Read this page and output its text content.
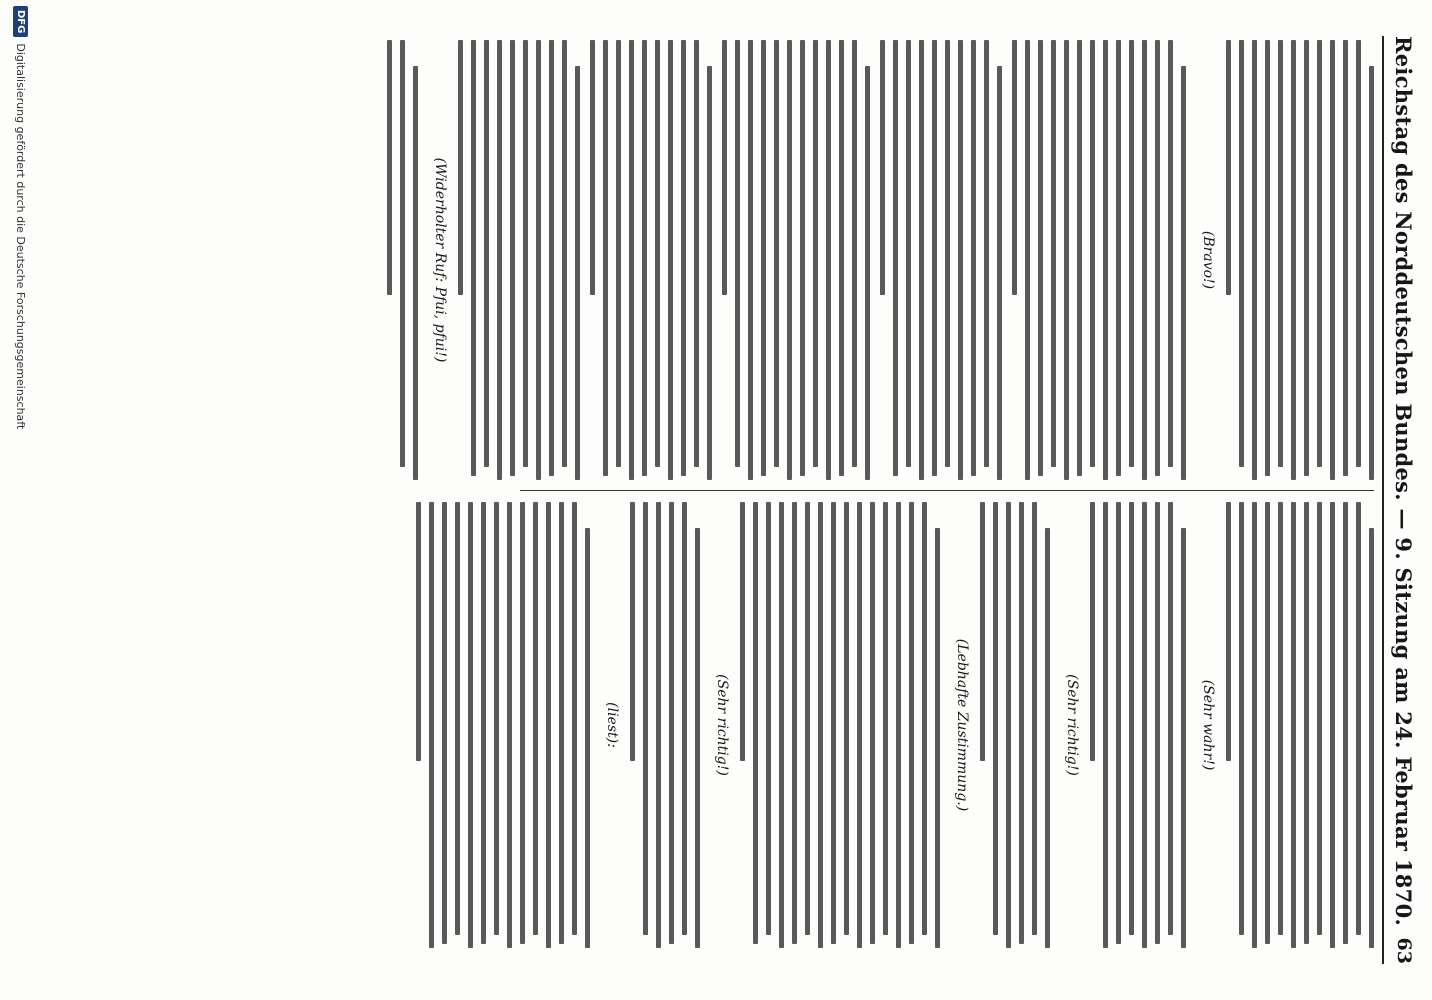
Reichstag des Norddeutschen Bundes. — 9. Sitzung am 24. Februar 1870.
63
(Bravo!)
(Widerholter Ruf: Pfui, pfui!)
(Sehr wahr!)
(Sehr richtig!)
(Lebhafte Zustimmung.)
(Sehr richtig!)
(liest):
DFG
Digitalisierung gefördert durch die Deutsche Forschungsgemeinschaft
